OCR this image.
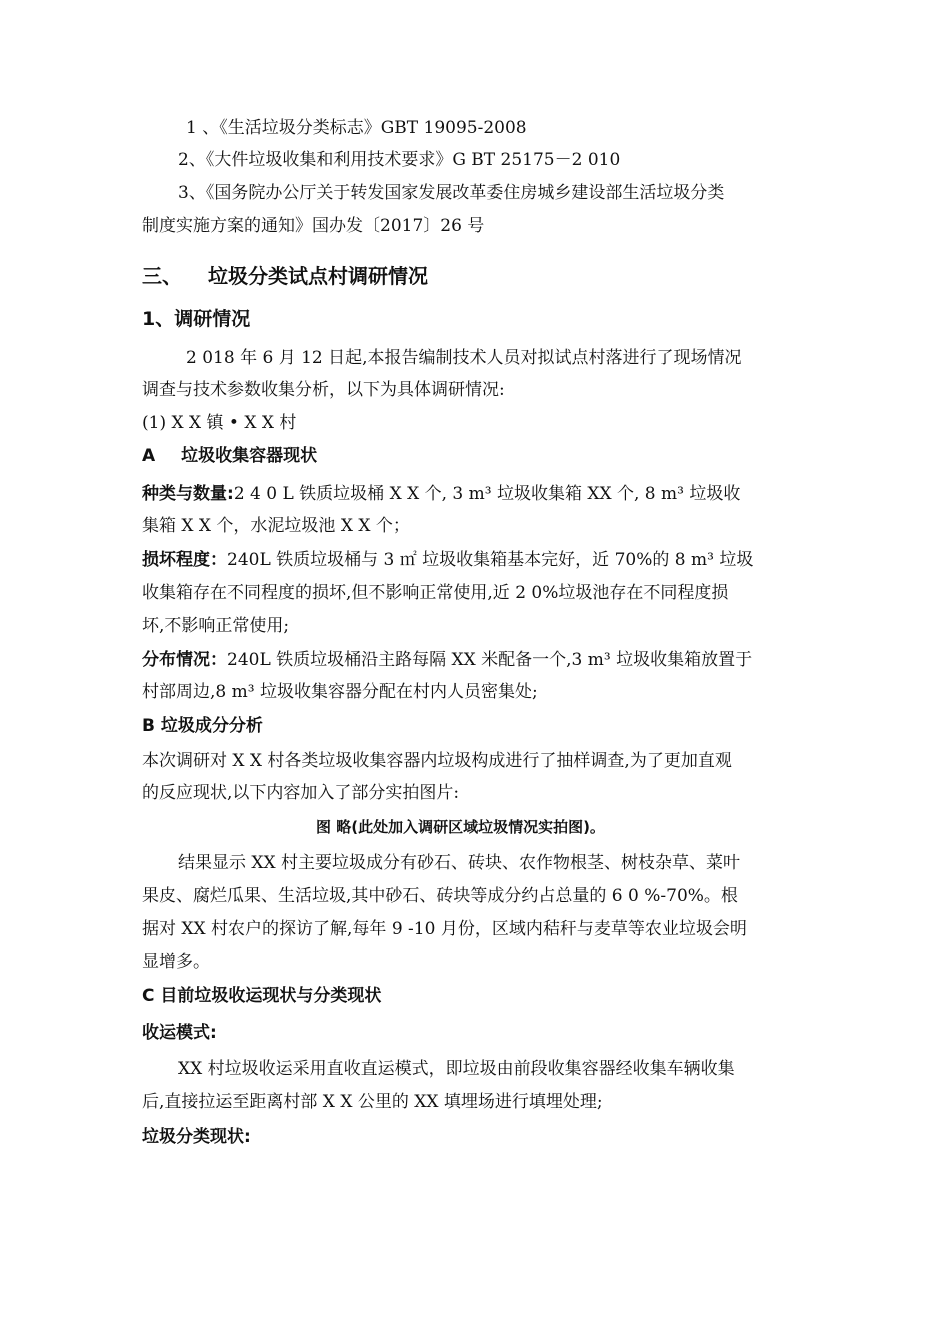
1 、《生活垃圾分类标志》GBT 19095-2008
2、《大件垃圾收集和利用技术要求》G BT 25175－2 010
3、《国务院办公厅关于转发国家发展改革委住房城乡建设部生活垃圾分类
制度实施方案的通知》国办发〔2017〕26 号
三、 垃圾分类试点村调研情况
1、调研情况
2 018 年 6 月 12 日起,本报告编制技术人员对拟试点村落进行了现场情况
调查与技术参数收集分析，以下为具体调研情况:
(1) X X 镇 • X X 村
A 垃圾收集容器现状
种类与数量:2 4 0 L 铁质垃圾桶 X X 个, 3 m³ 垃圾收集箱 XX 个, 8 m³ 垃圾收
集箱 X X 个，水泥垃圾池 X X 个；
损坏程度：240L 铁质垃圾桶与 3 ㎡ 垃圾收集箱基本完好，近 70%的 8 m³ 垃圾
收集箱存在不同程度的损坏,但不影响正常使用,近 2 0%垃圾池存在不同程度损
坏,不影响正常使用;
分布情况：240L 铁质垃圾桶沿主路每隔 XX 米配备一个,3 m³ 垃圾收集箱放置于
村部周边,8 m³ 垃圾收集容器分配在村内人员密集处;
B 垃圾成分分析
本次调研对 X X 村各类垃圾收集容器内垃圾构成进行了抽样调查,为了更加直观
的反应现状,以下内容加入了部分实拍图片:
图 略(此处加入调研区域垃圾情况实拍图)。
结果显示 XX 村主要垃圾成分有砂石、砖块、农作物根茎、树枝杂草、菜叶
果皮、腐烂瓜果、生活垃圾,其中砂石、砖块等成分约占总量的 6 0 %-70%。根
据对 XX 村农户的探访了解,每年 9 -10 月份，区域内秸秆与麦草等农业垃圾会明
显增多。
C 目前垃圾收运现状与分类现状
收运模式:
XX 村垃圾收运采用直收直运模式，即垃圾由前段收集容器经收集车辆收集
后,直接拉运至距离村部 X X 公里的 XX 填埋场进行填埋处理;
垃圾分类现状:
